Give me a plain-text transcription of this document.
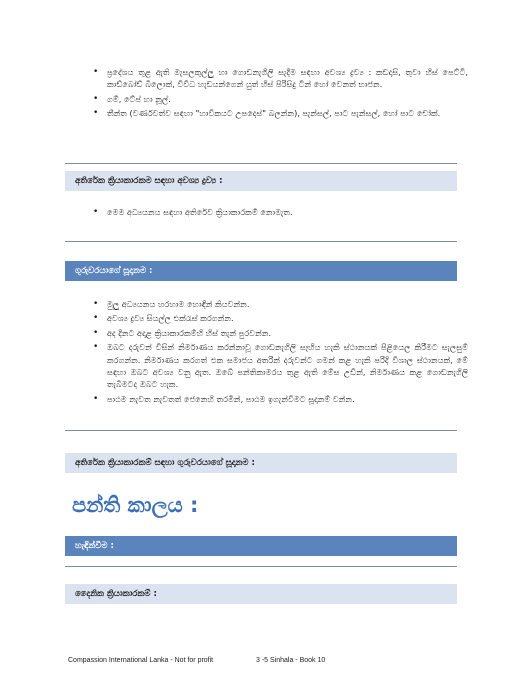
• ප්‍රදේශය තුළ ඇති මැසලකුල්ලු හා ගොඩනැගිලි සැදීම සඳහා අවශ්‍ය ද්‍රව්‍ය : කඩදාසි, තුවා හිස් පෙට්ටි, කාඩ්බෝඩ් බිලොක්, විවිධ හැඩයන්ගෙන් යුත් හිස් පිරිසිදු ටින් හෝ වෙනත් භාජන.
• ගම්, ටේප් හා නූල්.
• තීන්ත (වර්ණවත්ව සඳහා "හාවිකයට උපදෙස්" බලන්න), පැන්සල්, පාට පැන්සල්, හෝ පාට චෝක්.
අතිරේක ක්‍රියාකාරකම සඳහා අවශ්‍ය ද්‍රව්‍ය :
• මෙම අධ්‍යයනය සඳහා අතිරේව ක්‍රියාකාරකම් නොමැත.
ගුරුවරයාගේ සූදානම :
• මුලු අධ්‍යයනය හරහාම හොඳින් කියවන්න.
• අවශ්‍ය ද්‍රව්‍ය සියල්ල එක්රැස් කරගන්න.
• අද දිනට අදාළ ක්‍රියාකාරකම්හි හිස් තැන් පුරවන්න.
• ඔබට දරුවන් විසින් නිර්මාණය කරන්නාවූ ගොඩනැගිලි සෑහිය හැකි ස්ථානයක් පිළියෙල කිරීමට සැලසුම් කරගන්න. නිර්මාණය කරගත් එක සමාජය අතරින් දරුවන්ට ගමන් කළ හැකි පරිදි විශාල ස්ථානයක්, මේ සඳහා ඔබට අවශ්‍ය වනු ඇත. ඔබේ පන්තිකාමරය තුළ ඇති මේස උඩින්, නිර්මාණය කළ ගොඩනැගිලි තැබීමටද ඔබට හැක.
• පාඨම නැවත නැවතත් ජෙනෙහි තරමින්, පාඨම ඉගැන්වීමට සූදානම් වන්න.
අතිරේක ක්‍රියාකාරකම් සඳහා ගුරුවරයාගේ සූදානම :
පන්ති කාලය :
හැඳින්වීම :
දෛනික ක්‍රියාකාරකම් :
Compassion International Lanka - Not for profit	3 -5 Sinhala - Book 10
